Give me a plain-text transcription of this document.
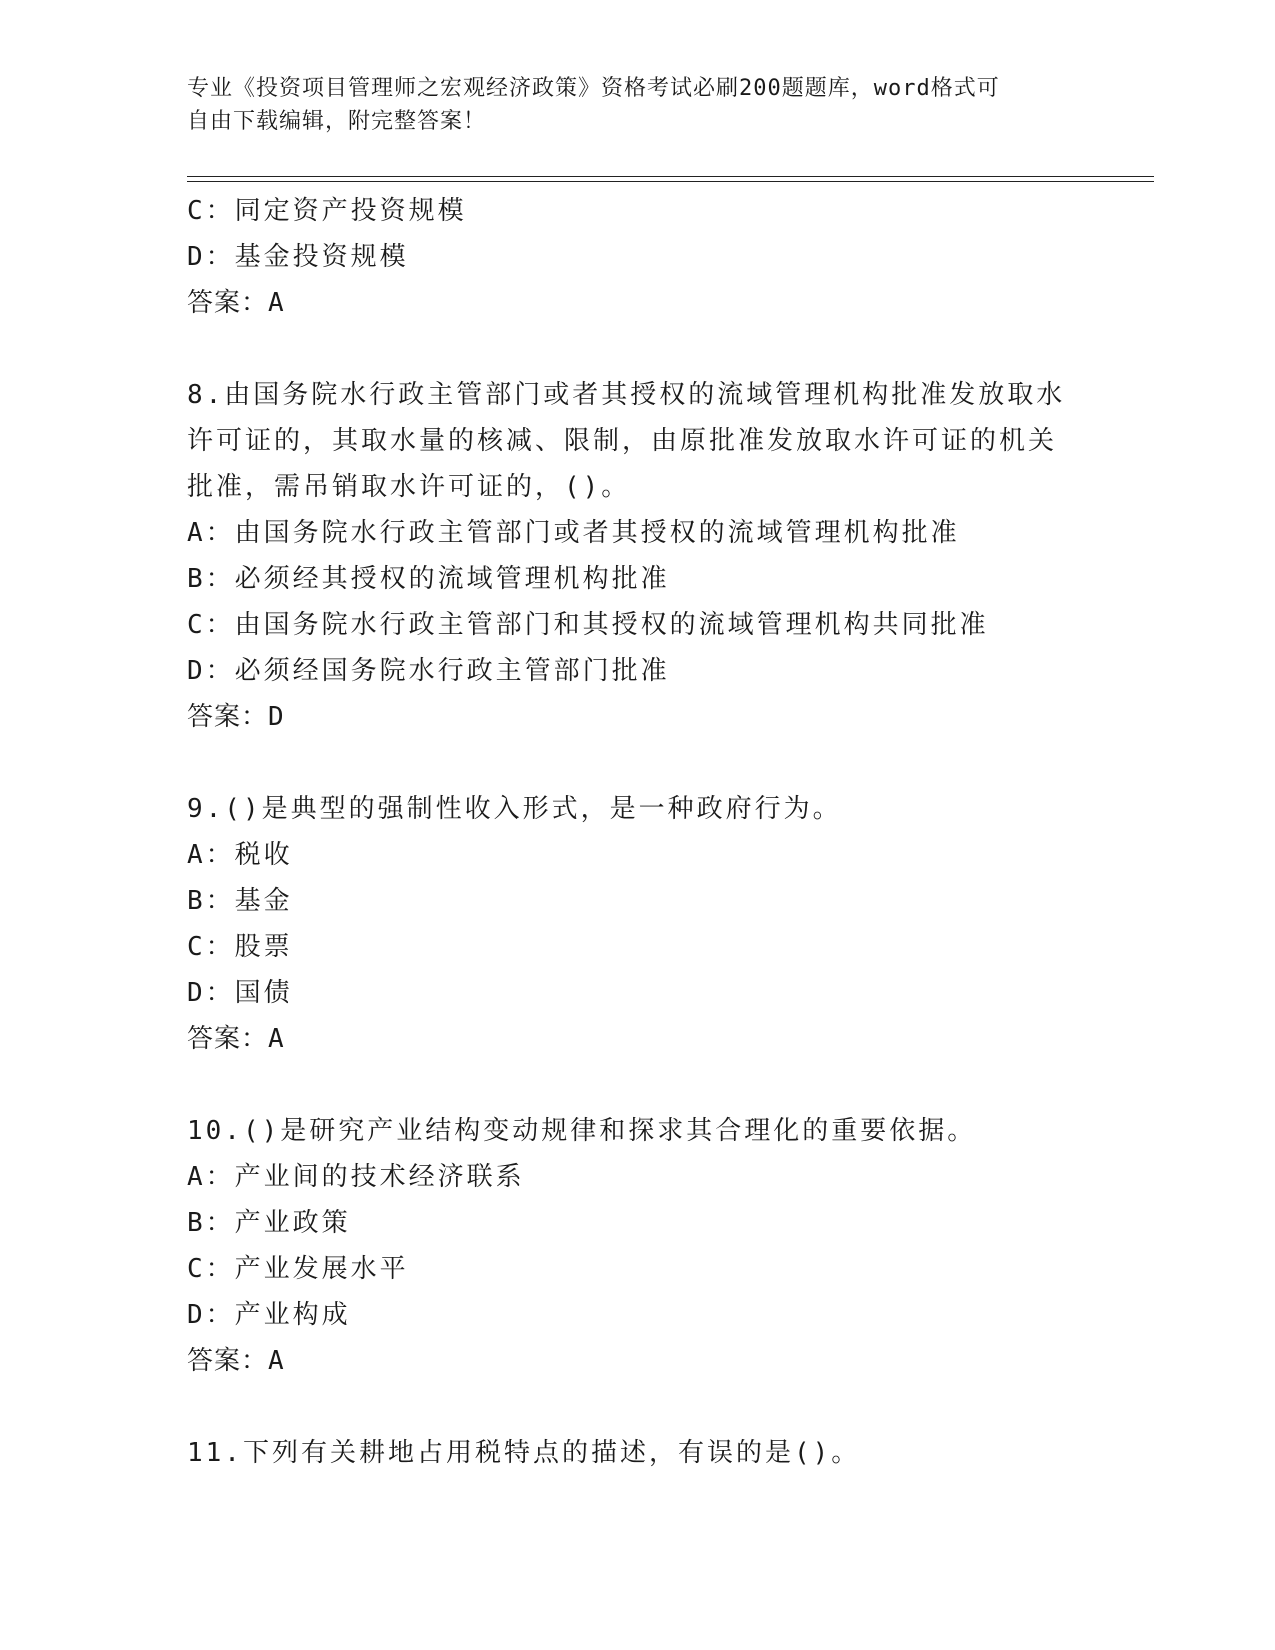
专业《投资项目管理师之宏观经济政策》资格考试必刷200题题库，word格式可
自由下载编辑，附完整答案！
C：同定资产投资规模
D：基金投资规模
答案：A
8.由国务院水行政主管部门或者其授权的流域管理机构批准发放取水
许可证的，其取水量的核减、限制，由原批准发放取水许可证的机关
批准，需吊销取水许可证的，()。
A：由国务院水行政主管部门或者其授权的流域管理机构批准
B：必须经其授权的流域管理机构批准
C：由国务院水行政主管部门和其授权的流域管理机构共同批准
D：必须经国务院水行政主管部门批准
答案：D
9.()是典型的强制性收入形式，是一种政府行为。
A：税收
B：基金
C：股票
D：国债
答案：A
10.()是研究产业结构变动规律和探求其合理化的重要依据。
A：产业间的技术经济联系
B：产业政策
C：产业发展水平
D：产业构成
答案：A
11.下列有关耕地占用税特点的描述，有误的是()。
